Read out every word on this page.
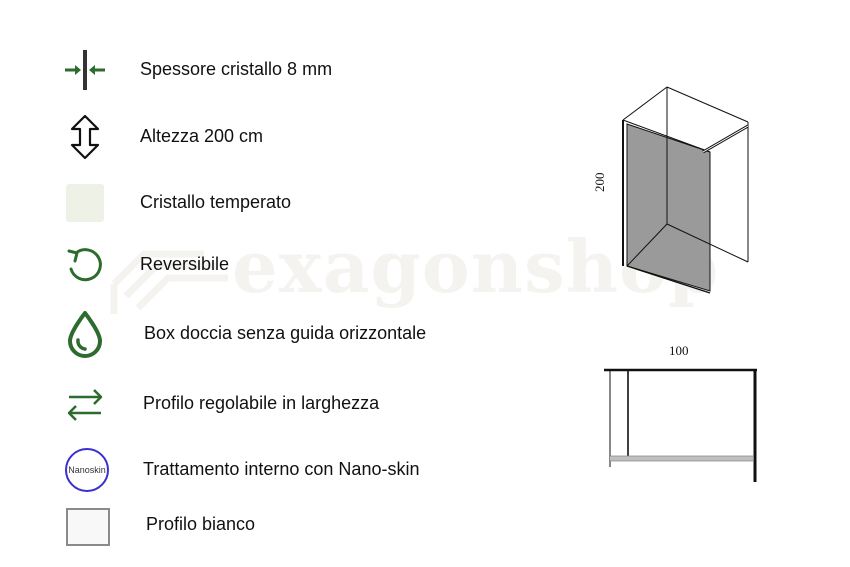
exagonshop
Spessore cristallo 8 mm
Altezza 200 cm
Cristallo temperato
Reversibile
Box doccia senza guida orizzontale
Profilo regolabile in larghezza
Nanoskin Trattamento interno con Nano-skin
Profilo bianco
200
100
